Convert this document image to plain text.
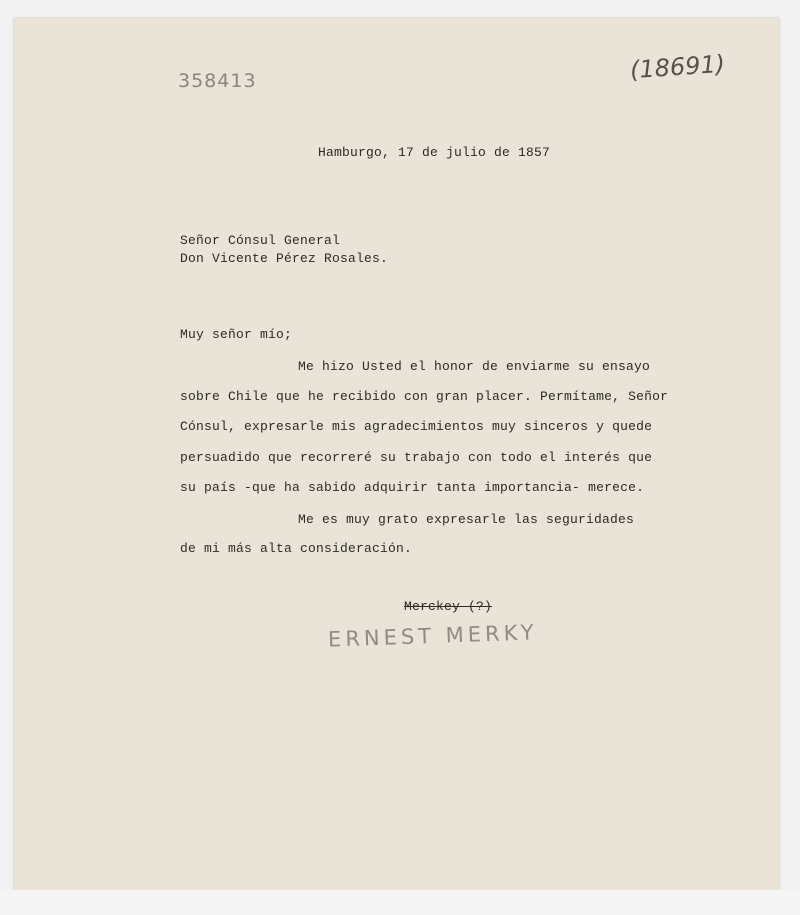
358413	(18691)
Hamburgo, 17 de julio de 1857
Señor Cónsul General
Don Vicente Pérez Rosales.
Muy señor mío;
Me hizo Usted el honor de enviarme su ensayo
sobre Chile que he recibido con gran placer. Permítame, Señor
Cónsul, expresarle mis agradecimientos muy sinceros y quede
persuadido que recorreré su trabajo con todo el interés que
su país -que ha sabido adquirir tanta importancia- merece.
Me es muy grato expresarle las seguridades
de mi más alta consideración.
Merckey (?)
ERNEST MERKY
